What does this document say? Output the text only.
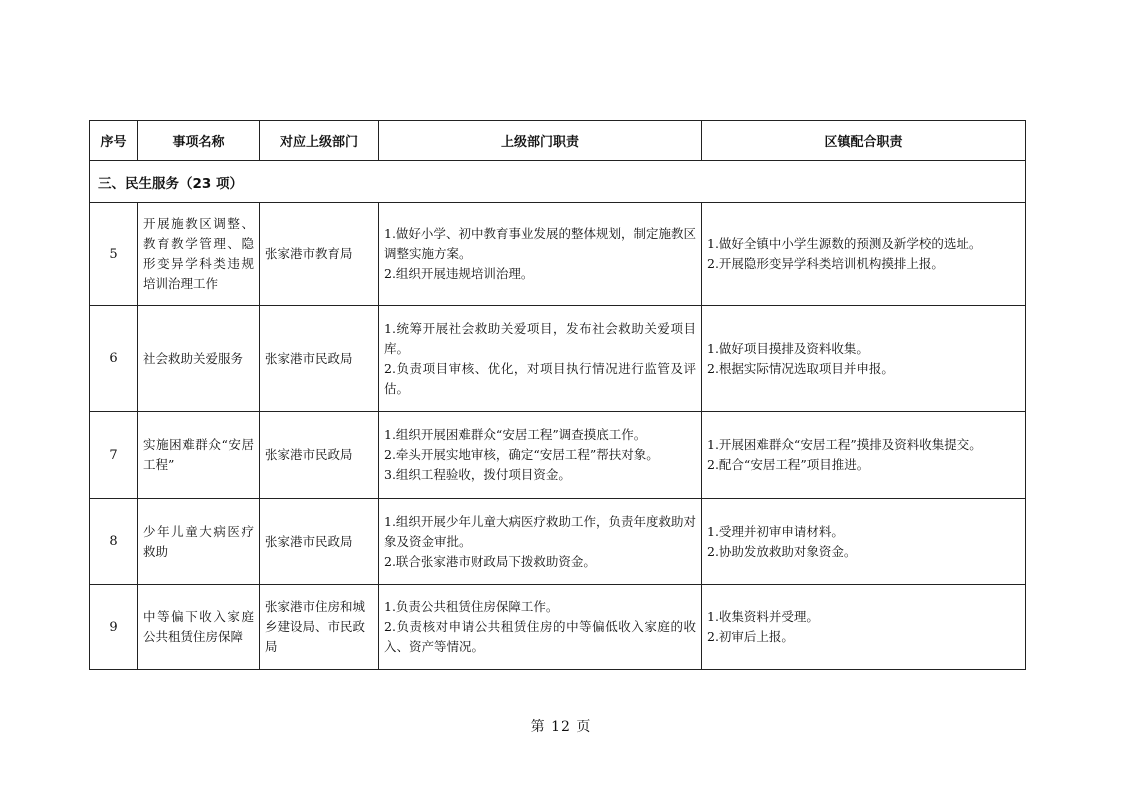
序号	事项名称	对应上级部门	上级部门职责	区镇配合职责
三、民生服务（23 项）				
5	开展施教区调整、教育教学管理、隐形变异学科类违规培训治理工作	张家港市教育局	1.做好小学、初中教育事业发展的整体规划，制定施教区调整实施方案。
2.组织开展违规培训治理。	1.做好全镇中小学生源数的预测及新学校的选址。
2.开展隐形变异学科类培训机构摸排上报。

6	社会救助关爱服务	张家港市民政局	1.统筹开展社会救助关爱项目，发布社会救助关爱项目库。
2.负责项目审核、优化，对项目执行情况进行监管及评估。	1.做好项目摸排及资料收集。
2.根据实际情况选取项目并申报。

7	实施困难群众“安居工程”	张家港市民政局	1.组织开展困难群众“安居工程”调查摸底工作。
2.牵头开展实地审核，确定“安居工程”帮扶对象。
3.组织工程验收，拨付项目资金。	1.开展困难群众“安居工程”摸排及资料收集提交。
2.配合“安居工程”项目推进。

8	少年儿童大病医疗救助	张家港市民政局	1.组织开展少年儿童大病医疗救助工作，负责年度救助对象及资金审批。
2.联合张家港市财政局下拨救助资金。	1.受理并初审申请材料。
2.协助发放救助对象资金。

9	中等偏下收入家庭公共租赁住房保障	张家港市住房和城乡建设局、市民政局	1.负责公共租赁住房保障工作。
2.负责核对申请公共租赁住房的中等偏低收入家庭的收入、资产等情况。	1.收集资料并受理。
2.初审后上报。
第 12 页
